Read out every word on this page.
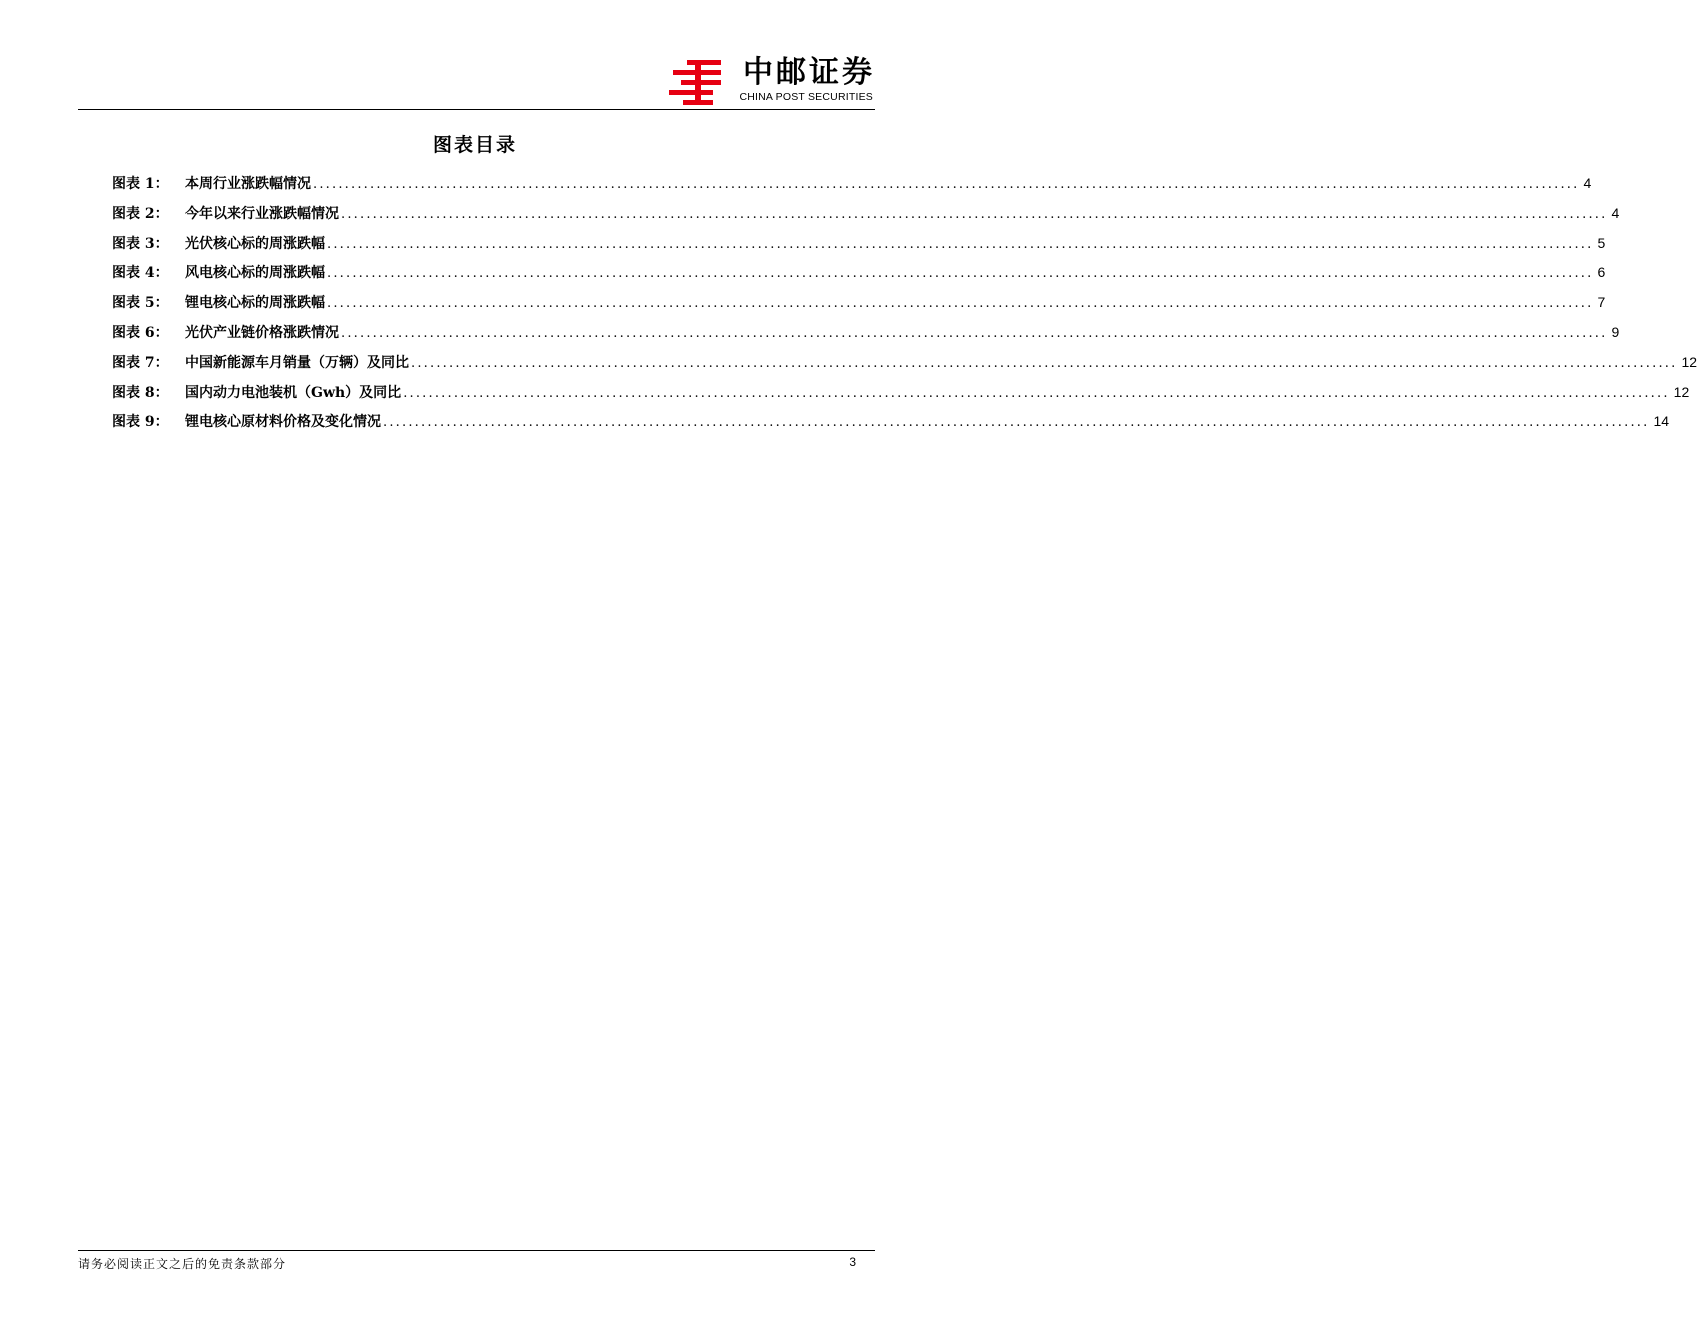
中邮证券
CHINA POST SECURITIES
图表目录
图表 1：	本周行业涨跌幅情况 ........................................................................................................................................................................................................ 4
图表 2：	今年以来行业涨跌幅情况 ........................................................................................................................................................................................................ 4
图表 3：	光伏核心标的周涨跌幅 ........................................................................................................................................................................................................ 5
图表 4：	风电核心标的周涨跌幅 ........................................................................................................................................................................................................ 6
图表 5：	锂电核心标的周涨跌幅 ........................................................................................................................................................................................................ 7
图表 6：	光伏产业链价格涨跌情况 ........................................................................................................................................................................................................ 9
图表 7：	中国新能源车月销量（万辆）及同比 ........................................................................................................................................................................................................ 12
图表 8：	国内动力电池装机（Gwh）及同比 ........................................................................................................................................................................................................ 12
图表 9：	锂电核心原材料价格及变化情况 ........................................................................................................................................................................................................ 14
请务必阅读正文之后的免责条款部分	3
